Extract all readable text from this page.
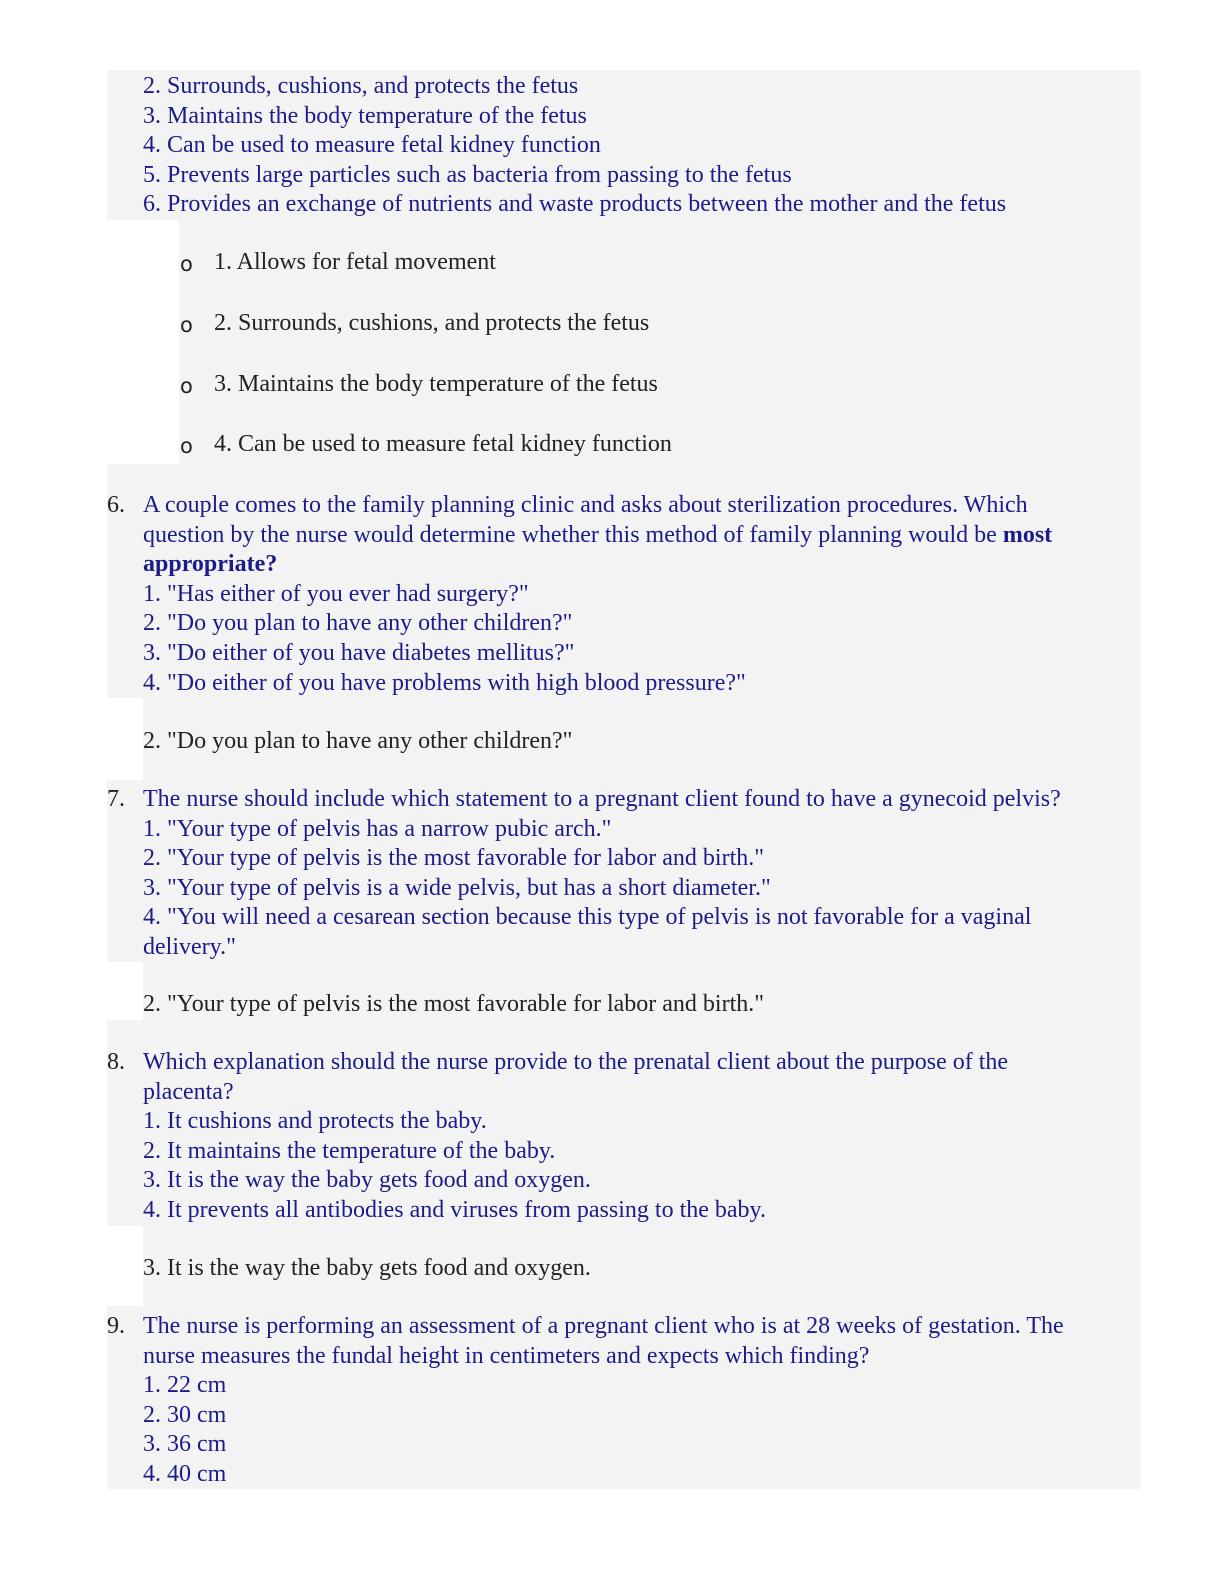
2. Surrounds, cushions, and protects the fetus
3. Maintains the body temperature of the fetus
4. Can be used to measure fetal kidney function
5. Prevents large particles such as bacteria from passing to the fetus
6. Provides an exchange of nutrients and waste products between the mother and the fetus
o 1. Allows for fetal movement
o 2. Surrounds, cushions, and protects the fetus
o 3. Maintains the body temperature of the fetus
o 4. Can be used to measure fetal kidney function
6. A couple comes to the family planning clinic and asks about sterilization procedures. Which
question by the nurse would determine whether this method of family planning would be most
appropriate?
1. "Has either of you ever had surgery?"
2. "Do you plan to have any other children?"
3. "Do either of you have diabetes mellitus?"
4. "Do either of you have problems with high blood pressure?"
2. "Do you plan to have any other children?"
7. The nurse should include which statement to a pregnant client found to have a gynecoid pelvis?
1. "Your type of pelvis has a narrow pubic arch."
2. "Your type of pelvis is the most favorable for labor and birth."
3. "Your type of pelvis is a wide pelvis, but has a short diameter."
4. "You will need a cesarean section because this type of pelvis is not favorable for a vaginal
delivery."
2. "Your type of pelvis is the most favorable for labor and birth."
8. Which explanation should the nurse provide to the prenatal client about the purpose of the
placenta?
1. It cushions and protects the baby.
2. It maintains the temperature of the baby.
3. It is the way the baby gets food and oxygen.
4. It prevents all antibodies and viruses from passing to the baby.
3. It is the way the baby gets food and oxygen.
9. The nurse is performing an assessment of a pregnant client who is at 28 weeks of gestation. The
nurse measures the fundal height in centimeters and expects which finding?
1. 22 cm
2. 30 cm
3. 36 cm
4. 40 cm
